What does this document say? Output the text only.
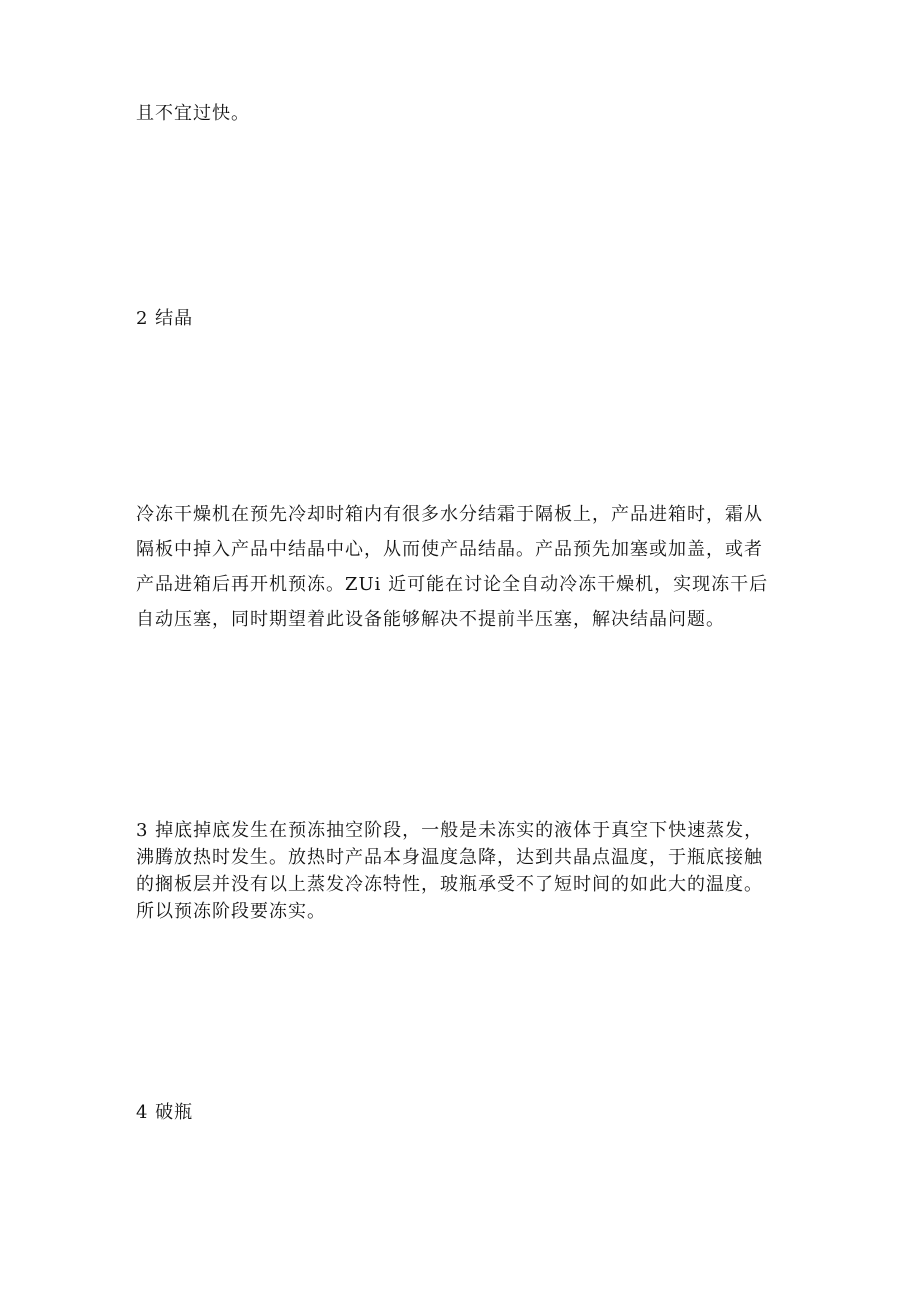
且不宜过快。

2 结晶

冷冻干燥机在预先冷却时箱内有很多水分结霜于隔板上，产品进箱时，霜从
隔板中掉入产品中结晶中心，从而使产品结晶。产品预先加塞或加盖，或者
产品进箱后再开机预冻。ZUi 近可能在讨论全自动冷冻干燥机，实现冻干后
自动压塞，同时期望着此设备能够解决不提前半压塞，解决结晶问题。

3 掉底掉底发生在预冻抽空阶段，一般是未冻实的液体于真空下快速蒸发，
沸腾放热时发生。放热时产品本身温度急降，达到共晶点温度，于瓶底接触
的搁板层并没有以上蒸发冷冻特性，玻瓶承受不了短时间的如此大的温度。
所以预冻阶段要冻实。

4 破瓶
